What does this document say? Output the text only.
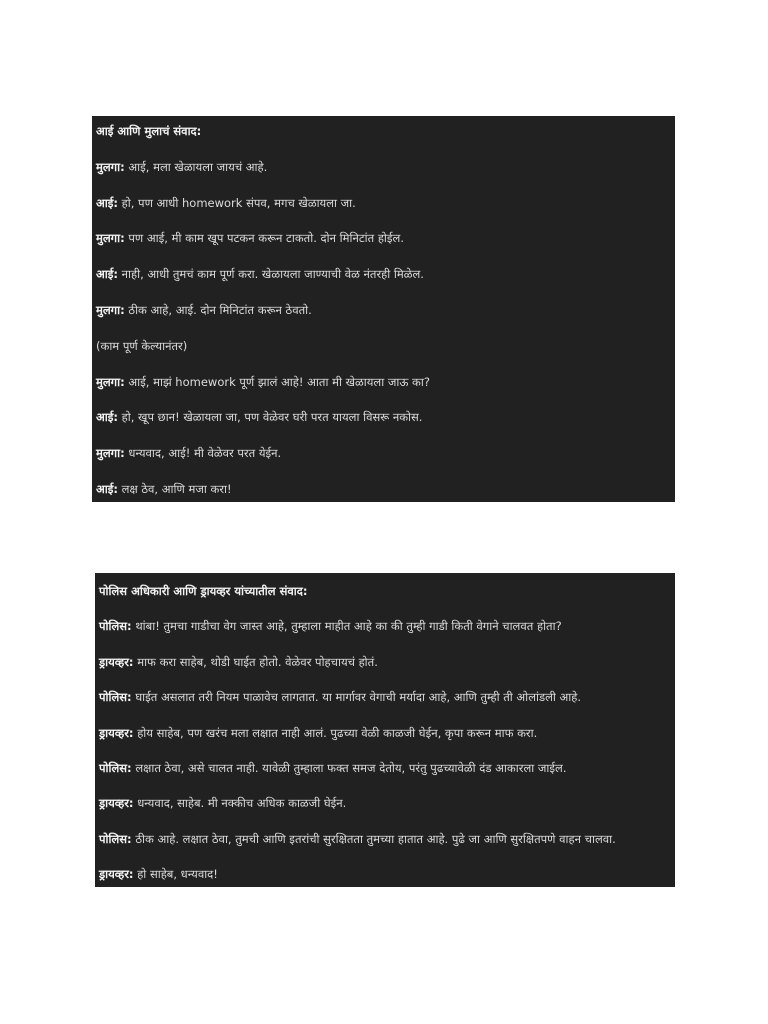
आई आणि मुलाचं संवाद:

मुलगा: आई, मला खेळायला जायचं आहे.

आई: हो, पण आधी homework संपव, मगच खेळायला जा.

मुलगा: पण आई, मी काम खूप पटकन करून टाकतो. दोन मिनिटांत होईल.

आई: नाही, आधी तुमचं काम पूर्ण करा. खेळायला जाण्याची वेळ नंतरही मिळेल.

मुलगा: ठीक आहे, आई. दोन मिनिटांत करून ठेवतो.

(काम पूर्ण केल्यानंतर)

मुलगा: आई, माझं homework पूर्ण झालं आहे! आता मी खेळायला जाऊ का?

आई: हो, खूप छान! खेळायला जा, पण वेळेवर घरी परत यायला विसरू नकोस.

मुलगा: धन्यवाद, आई! मी वेळेवर परत येईन.

आई: लक्ष ठेव, आणि मजा करा!

पोलिस अधिकारी आणि ड्रायव्हर यांच्यातील संवाद:

पोलिस: थांबा! तुमचा गाडीचा वेग जास्त आहे, तुम्हाला माहीत आहे का की तुम्ही गाडी किती वेगाने चालवत होता?

ड्रायव्हर: माफ करा साहेब, थोडी घाईत होतो. वेळेवर पोहचायचं होतं.

पोलिस: घाईत असलात तरी नियम पाळावेच लागतात. या मार्गावर वेगाची मर्यादा आहे, आणि तुम्ही ती ओलांडली आहे.

ड्रायव्हर: होय साहेब, पण खरंच मला लक्षात नाही आलं. पुढच्या वेळी काळजी घेईन, कृपा करून माफ करा.

पोलिस: लक्षात ठेवा, असे चालत नाही. यावेळी तुम्हाला फक्त समज देतोय, परंतु पुढच्यावेळी दंड आकारला जाईल.

ड्रायव्हर: धन्यवाद, साहेब. मी नक्कीच अधिक काळजी घेईन.

पोलिस: ठीक आहे. लक्षात ठेवा, तुमची आणि इतरांची सुरक्षितता तुमच्या हातात आहे. पुढे जा आणि सुरक्षितपणे वाहन चालवा.

ड्रायव्हर: हो साहेब, धन्यवाद!
